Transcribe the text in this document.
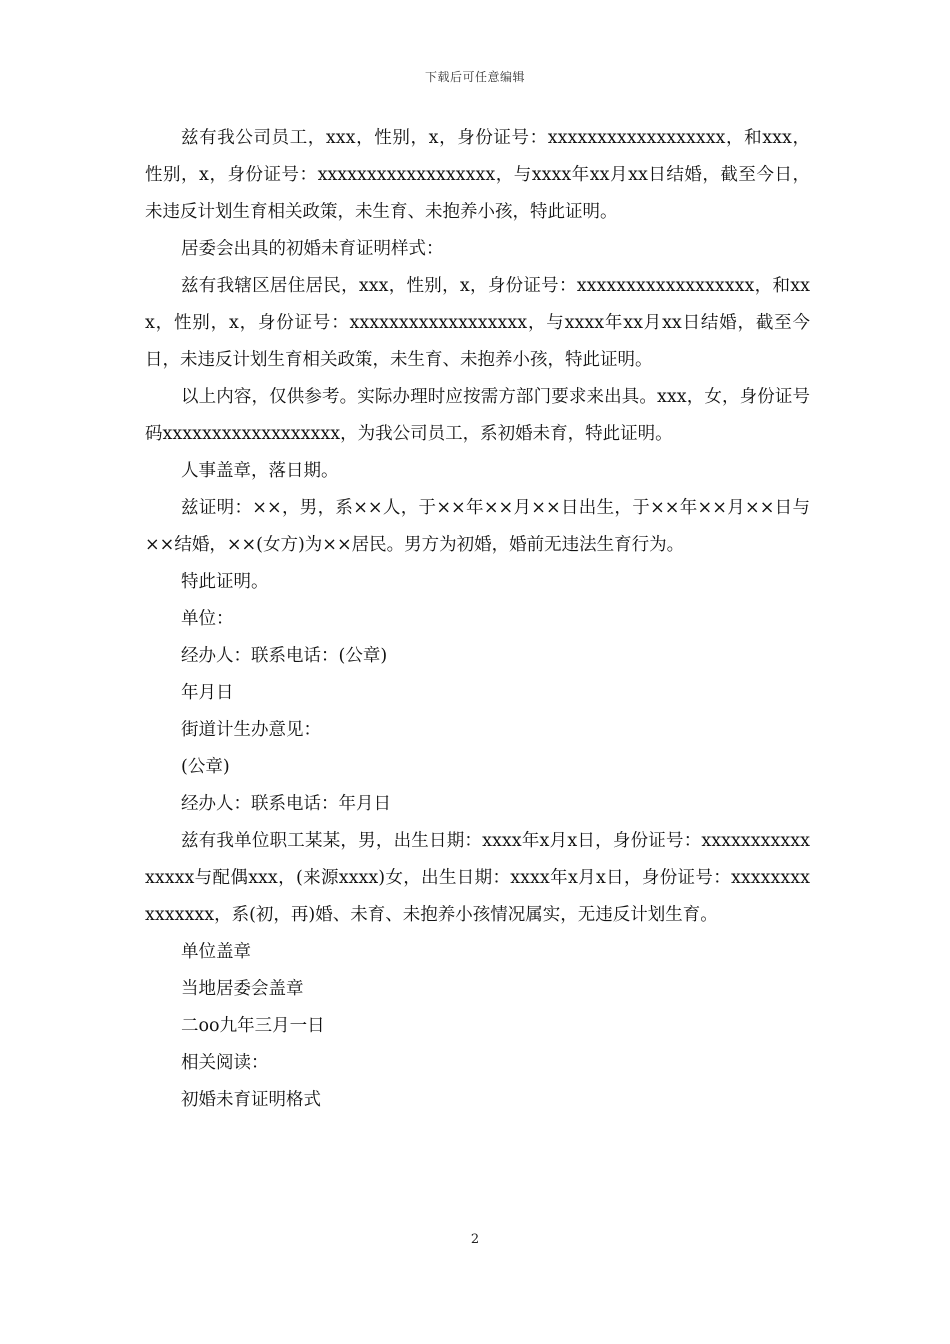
下载后可任意编辑

兹有我公司员工，xxx，性别，x，身份证号：xxxxxxxxxxxxxxxxxx，和xxx，性别，x，身份证号：xxxxxxxxxxxxxxxxxx，与xxxx年xx月xx日结婚，截至今日，未违反计划生育相关政策，未生育、未抱养小孩，特此证明。

居委会出具的初婚未育证明样式：

兹有我辖区居住居民，xxx，性别，x，身份证号：xxxxxxxxxxxxxxxxxx，和xxx，性别，x，身份证号：xxxxxxxxxxxxxxxxxx，与xxxx年xx月xx日结婚，截至今日，未违反计划生育相关政策，未生育、未抱养小孩，特此证明。

以上内容，仅供参考。实际办理时应按需方部门要求来出具。xxx，女，身份证号码xxxxxxxxxxxxxxxxxx，为我公司员工，系初婚未育，特此证明。

人事盖章，落日期。

兹证明：××，男，系××人，于××年××月××日出生，于××年××月××日与××结婚，××(女方)为××居民。男方为初婚，婚前无违法生育行为。

特此证明。

单位：

经办人：联系电话：(公章)

年月日

街道计生办意见：

(公章)

经办人：联系电话：年月日

兹有我单位职工某某，男，出生日期：xxxx年x月x日，身份证号：xxxxxxxxxxxxxxxx与配偶xxx，(来源xxxx)女，出生日期：xxxx年x月x日，身份证号：xxxxxxxxxxxxxxx，系(初，再)婚、未育、未抱养小孩情况属实，无违反计划生育。

单位盖章

当地居委会盖章

二oo九年三月一日

相关阅读：

初婚未育证明格式

2
